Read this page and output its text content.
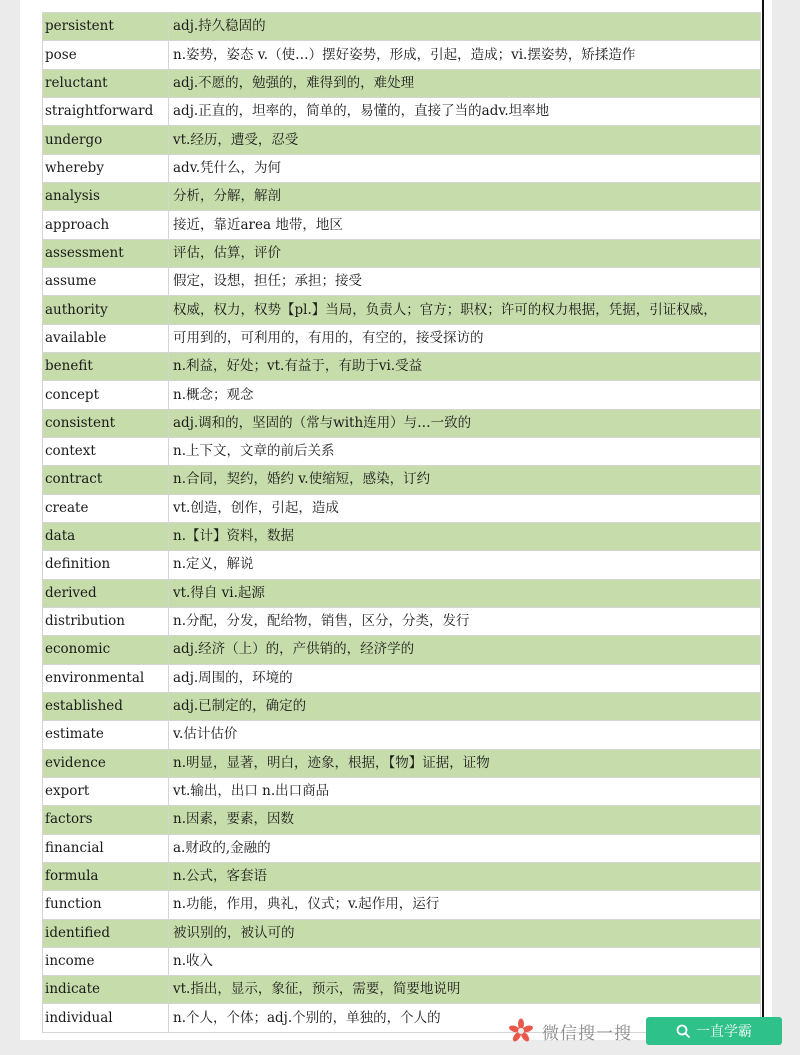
persistent	adj.持久稳固的
pose	n.姿势，姿态 v.（使…）摆好姿势，形成，引起，造成；vi.摆姿势，矫揉造作
reluctant	adj.不愿的，勉强的，难得到的，难处理
straightforward	adj.正直的，坦率的，简单的，易懂的，直接了当的adv.坦率地
undergo	vt.经历，遭受，忍受
whereby	adv.凭什么，为何
analysis	分析，分解，解剖
approach	接近，靠近area 地带，地区
assessment	评估，估算，评价
assume	假定，设想，担任；承担；接受
authority	权威，权力，权势【pl.】当局，负责人；官方；职权；许可的权力根据，凭据，引证权威，
available	可用到的，可利用的，有用的，有空的，接受探访的
benefit	n.利益，好处；vt.有益于，有助于vi.受益
concept	n.概念；观念
consistent	adj.调和的，坚固的（常与with连用）与…一致的
context	n.上下文，文章的前后关系
contract	n.合同，契约，婚约 v.使缩短，感染，订约
create	vt.创造，创作，引起，造成
data	n.【计】资料，数据
definition	n.定义，解说
derived	vt.得自 vi.起源
distribution	n.分配，分发，配给物，销售，区分，分类，发行
economic	adj.经济（上）的，产供销的，经济学的
environmental	adj.周围的，环境的
established	adj.已制定的，确定的
estimate	v.估计估价
evidence	n.明显，显著，明白，迹象，根据，【物】证据，证物
export	vt.输出，出口 n.出口商品
factors	n.因素，要素，因数
financial	a.财政的,金融的
formula	n.公式，客套语
function	n.功能，作用，典礼，仪式；v.起作用，运行
identified	被识别的，被认可的
income	n.收入
indicate	vt.指出，显示，象征，预示，需要，简要地说明
individual	n.个人，个体；adj.个别的，单独的，个人的
微信搜一搜	一直学霸
